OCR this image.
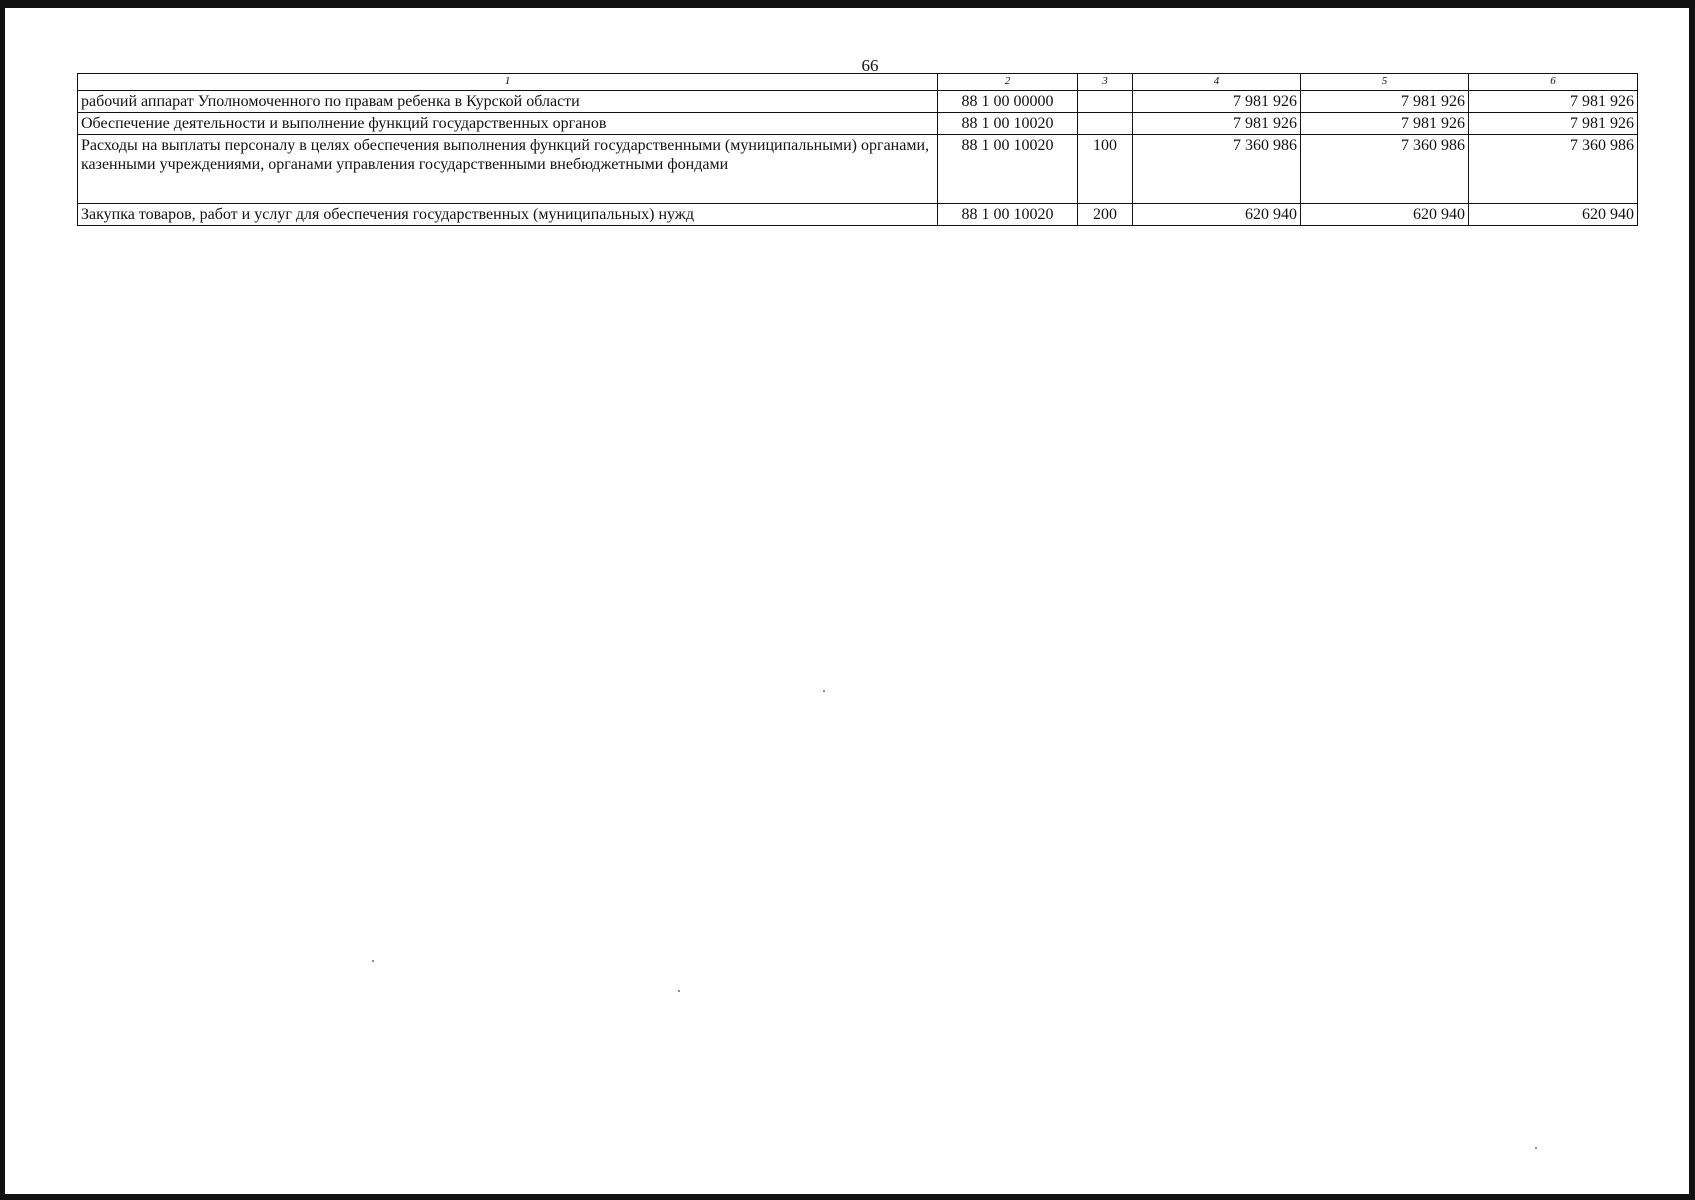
66
1	2	3	4	5	6
рабочий аппарат Уполномоченного по правам ребенка в Курской области	88 1 00 00000		7 981 926	7 981 926	7 981 926
Обеспечение деятельности и выполнение функций государственных органов	88 1 00 10020		7 981 926	7 981 926	7 981 926
Расходы на выплаты персоналу в целях обеспечения выполнения функций государственными (муниципальными) органами, казенными учреждениями, органами управления государственными внебюджетными фондами	88 1 00 10020	100	7 360 986	7 360 986	7 360 986
Закупка товаров, работ и услуг для обеспечения государственных (муниципальных) нужд	88 1 00 10020	200	620 940	620 940	620 940
